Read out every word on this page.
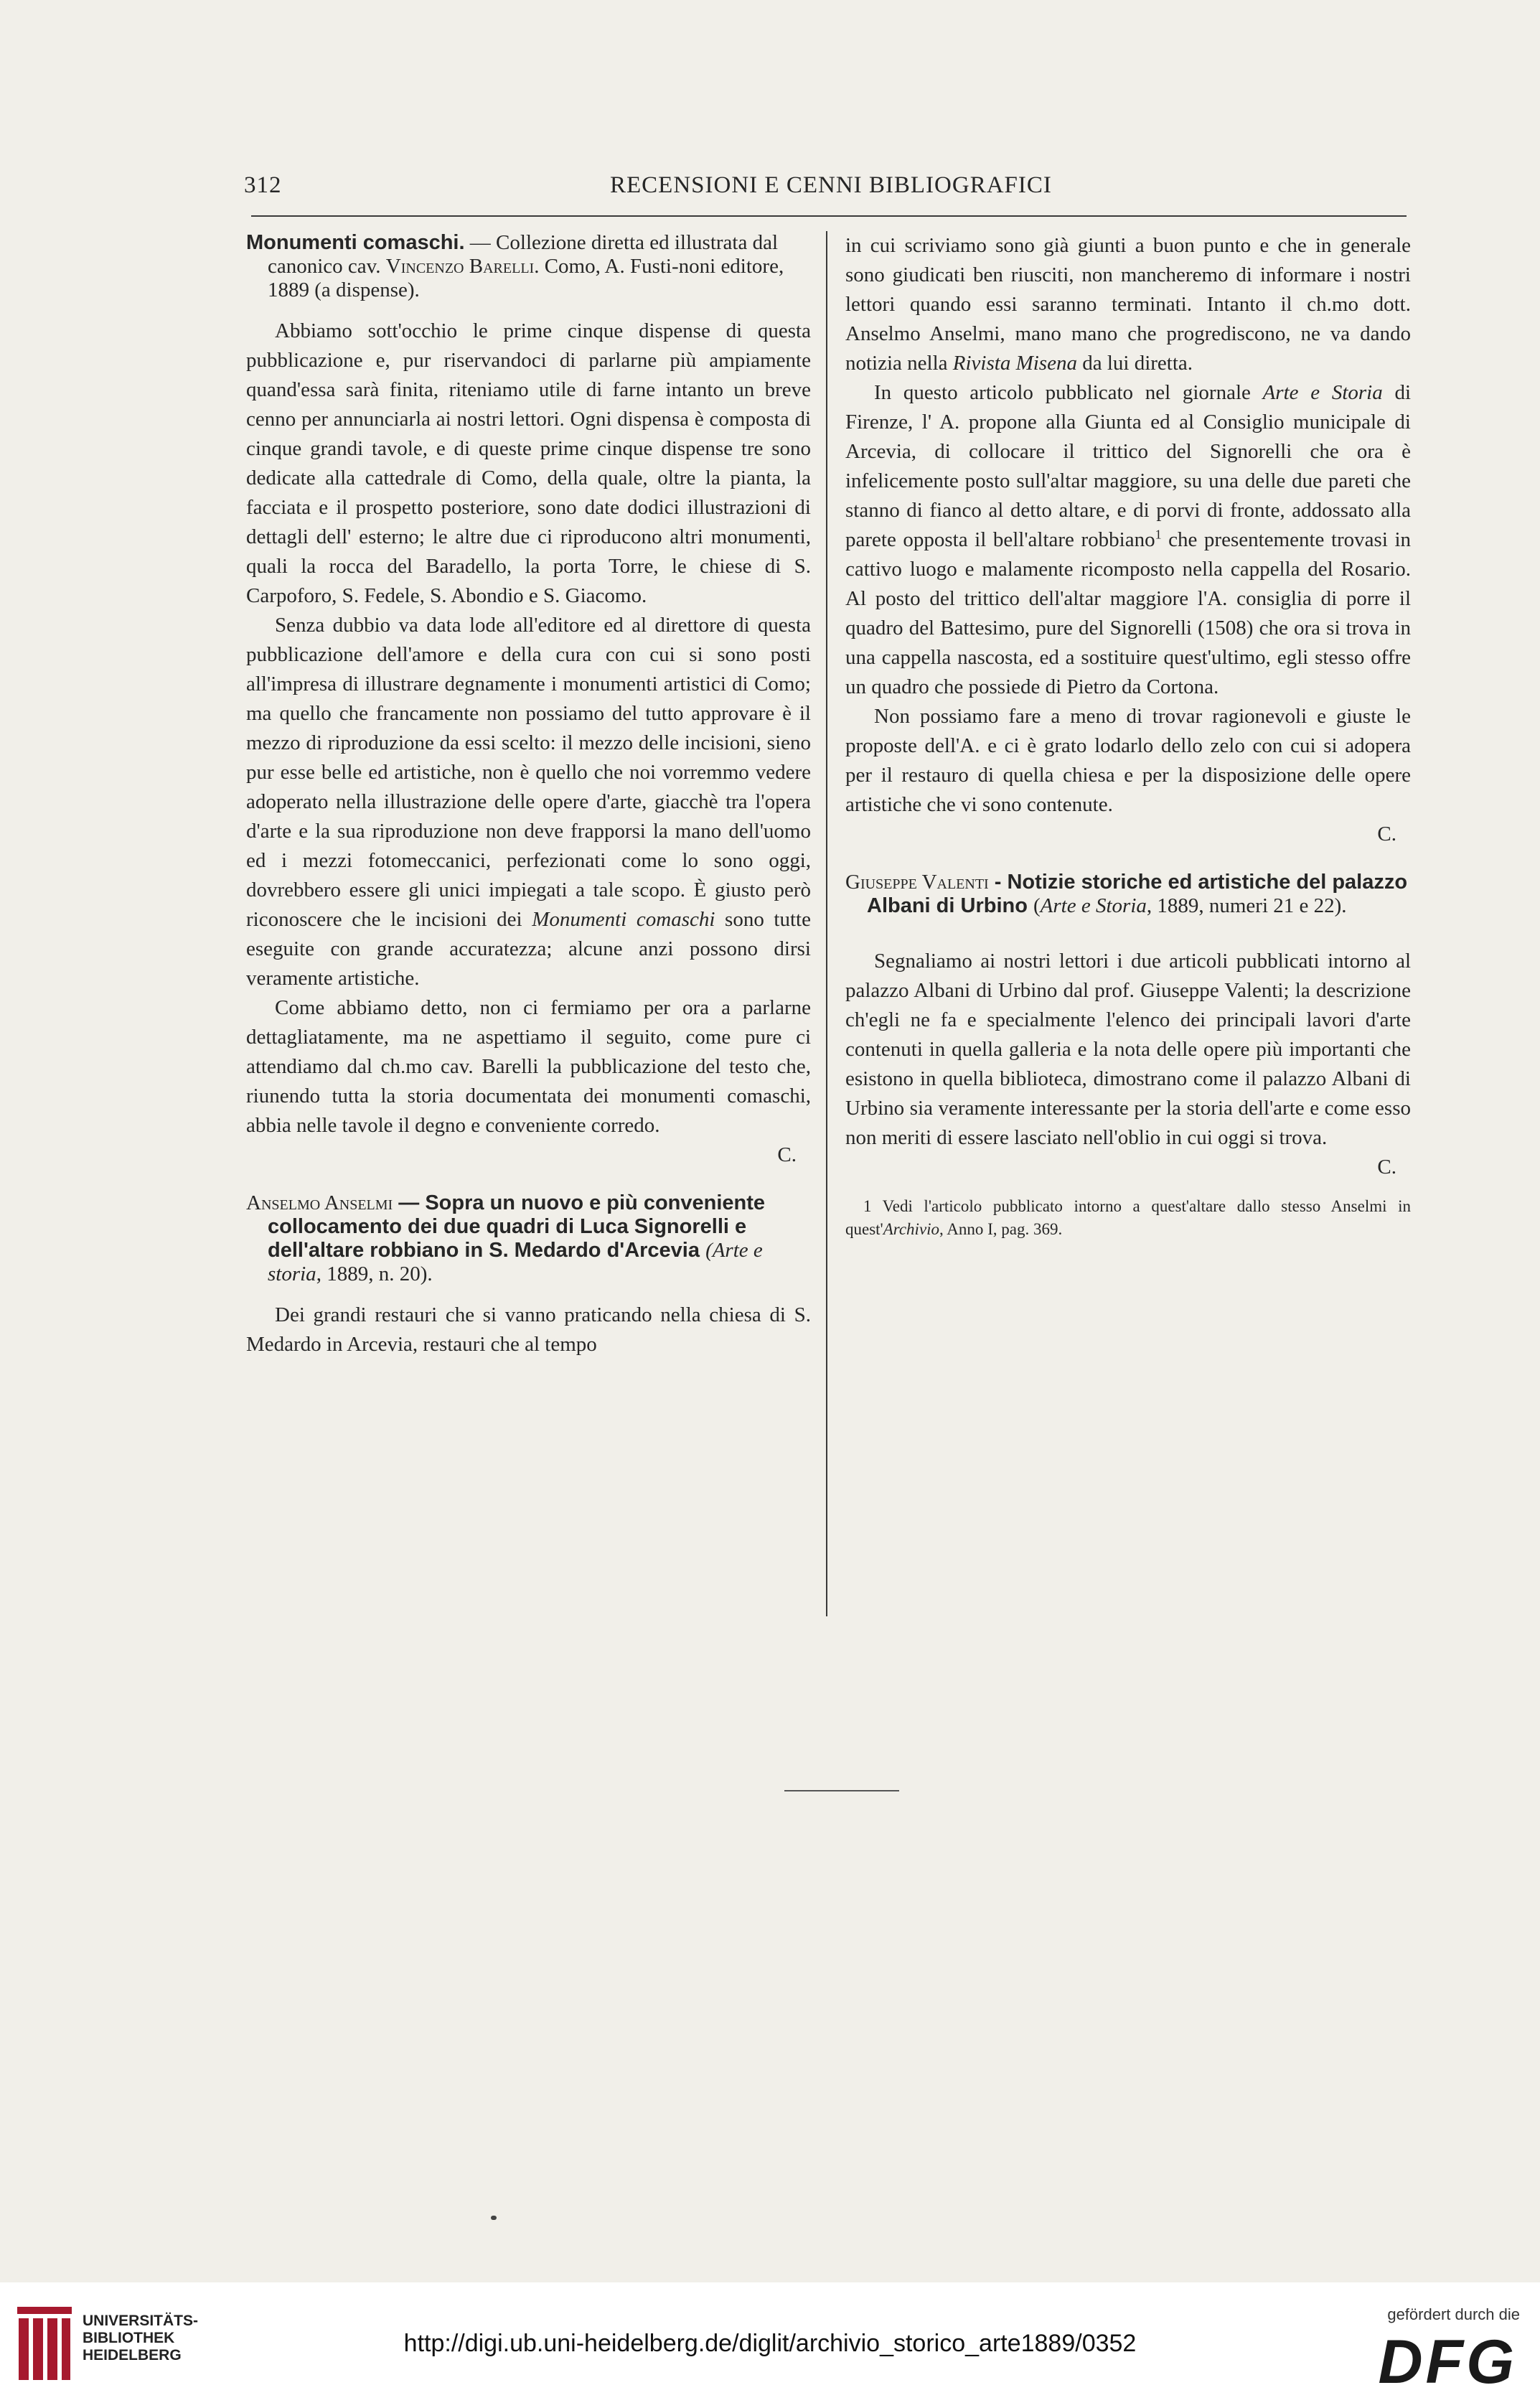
312	RECENSIONI E CENNI BIBLIOGRAFICI
Monumenti comaschi. — Collezione diretta ed illustrata dal canonico cav. Vincenzo Barelli. Como, A. Fusti-noni editore, 1889 (a dispense).

Abbiamo sott'occhio le prime cinque dispense di questa pubblicazione e, pur riservandoci di parlarne più ampiamente quand'essa sarà finita, riteniamo utile di farne intanto un breve cenno per annunciarla ai nostri lettori. Ogni dispensa è composta di cinque grandi tavole, e di queste prime cinque dispense tre sono dedicate alla cattedrale di Como, della quale, oltre la pianta, la facciata e il prospetto posteriore, sono date dodici illustrazioni di dettagli dell' esterno; le altre due ci riproducono altri monumenti, quali la rocca del Baradello, la porta Torre, le chiese di S. Carpoforo, S. Fedele, S. Abondio e S. Giacomo.

Senza dubbio va data lode all'editore ed al direttore di questa pubblicazione dell'amore e della cura con cui si sono posti all'impresa di illustrare degnamente i monumenti artistici di Como; ma quello che francamente non possiamo del tutto approvare è il mezzo di riproduzione da essi scelto: il mezzo delle incisioni, sieno pur esse belle ed artistiche, non è quello che noi vorremmo vedere adoperato nella illustrazione delle opere d'arte, giacchè tra l'opera d'arte e la sua riproduzione non deve frapporsi la mano dell'uomo ed i mezzi fotomeccanici, perfezionati come lo sono oggi, dovrebbero essere gli unici impiegati a tale scopo. È giusto però riconoscere che le incisioni dei Monumenti comaschi sono tutte eseguite con grande accuratezza; alcune anzi possono dirsi veramente artistiche.

Come abbiamo detto, non ci fermiamo per ora a parlarne dettagliatamente, ma ne aspettiamo il seguito, come pure ci attendiamo dal ch.mo cav. Barelli la pubblicazione del testo che, riunendo tutta la storia documentata dei monumenti comaschi, abbia nelle tavole il degno e conveniente corredo.

C.

Anselmo Anselmi — Sopra un nuovo e più conveniente collocamento dei due quadri di Luca Signorelli e dell'altare robbiano in S. Medardo d'Arcevia (Arte e storia, 1889, n. 20).

Dei grandi restauri che si vanno praticando nella chiesa di S. Medardo in Arcevia, restauri che al tempo

in cui scriviamo sono già giunti a buon punto e che in generale sono giudicati ben riusciti, non mancheremo di informare i nostri lettori quando essi saranno terminati. Intanto il ch.mo dott. Anselmo Anselmi, mano mano che progrediscono, ne va dando notizia nella Rivista Misena da lui diretta.

In questo articolo pubblicato nel giornale Arte e Storia di Firenze, l' A. propone alla Giunta ed al Consiglio municipale di Arcevia, di collocare il trittico del Signorelli che ora è infelicemente posto sull'altar maggiore, su una delle due pareti che stanno di fianco al detto altare, e di porvi di fronte, addossato alla parete opposta il bell'altare robbiano$^1$ che presentemente trovasi in cattivo luogo e malamente ricomposto nella cappella del Rosario. Al posto del trittico dell'altar maggiore l'A. consiglia di porre il quadro del Battesimo, pure del Signorelli (1508) che ora si trova in una cappella nascosta, ed a sostituire quest'ultimo, egli stesso offre un quadro che possiede di Pietro da Cortona.

Non possiamo fare a meno di trovar ragionevoli e giuste le proposte dell'A. e ci è grato lodarlo dello zelo con cui si adopera per il restauro di quella chiesa e per la disposizione delle opere artistiche che vi sono contenute.

C.

Giuseppe Valenti - Notizie storiche ed artistiche del palazzo Albani di Urbino (Arte e Storia, 1889, numeri 21 e 22).

Segnaliamo ai nostri lettori i due articoli pubblicati intorno al palazzo Albani di Urbino dal prof. Giuseppe Valenti; la descrizione ch'egli ne fa e specialmente l'elenco dei principali lavori d'arte contenuti in quella galleria e la nota delle opere più importanti che esistono in quella biblioteca, dimostrano come il palazzo Albani di Urbino sia veramente interessante per la storia dell'arte e come esso non meriti di essere lasciato nell'oblio in cui oggi si trova.

C.

1 Vedi l'articolo pubblicato intorno a quest'altare dallo stesso Anselmi in quest'Archivio, Anno I, pag. 369.

UNIVERSITÄTS-
BIBLIOTHEK
HEIDELBERG	http://digi.ub.uni-heidelberg.de/diglit/archivio_storico_arte1889/0352
gefördert durch die
DFG
